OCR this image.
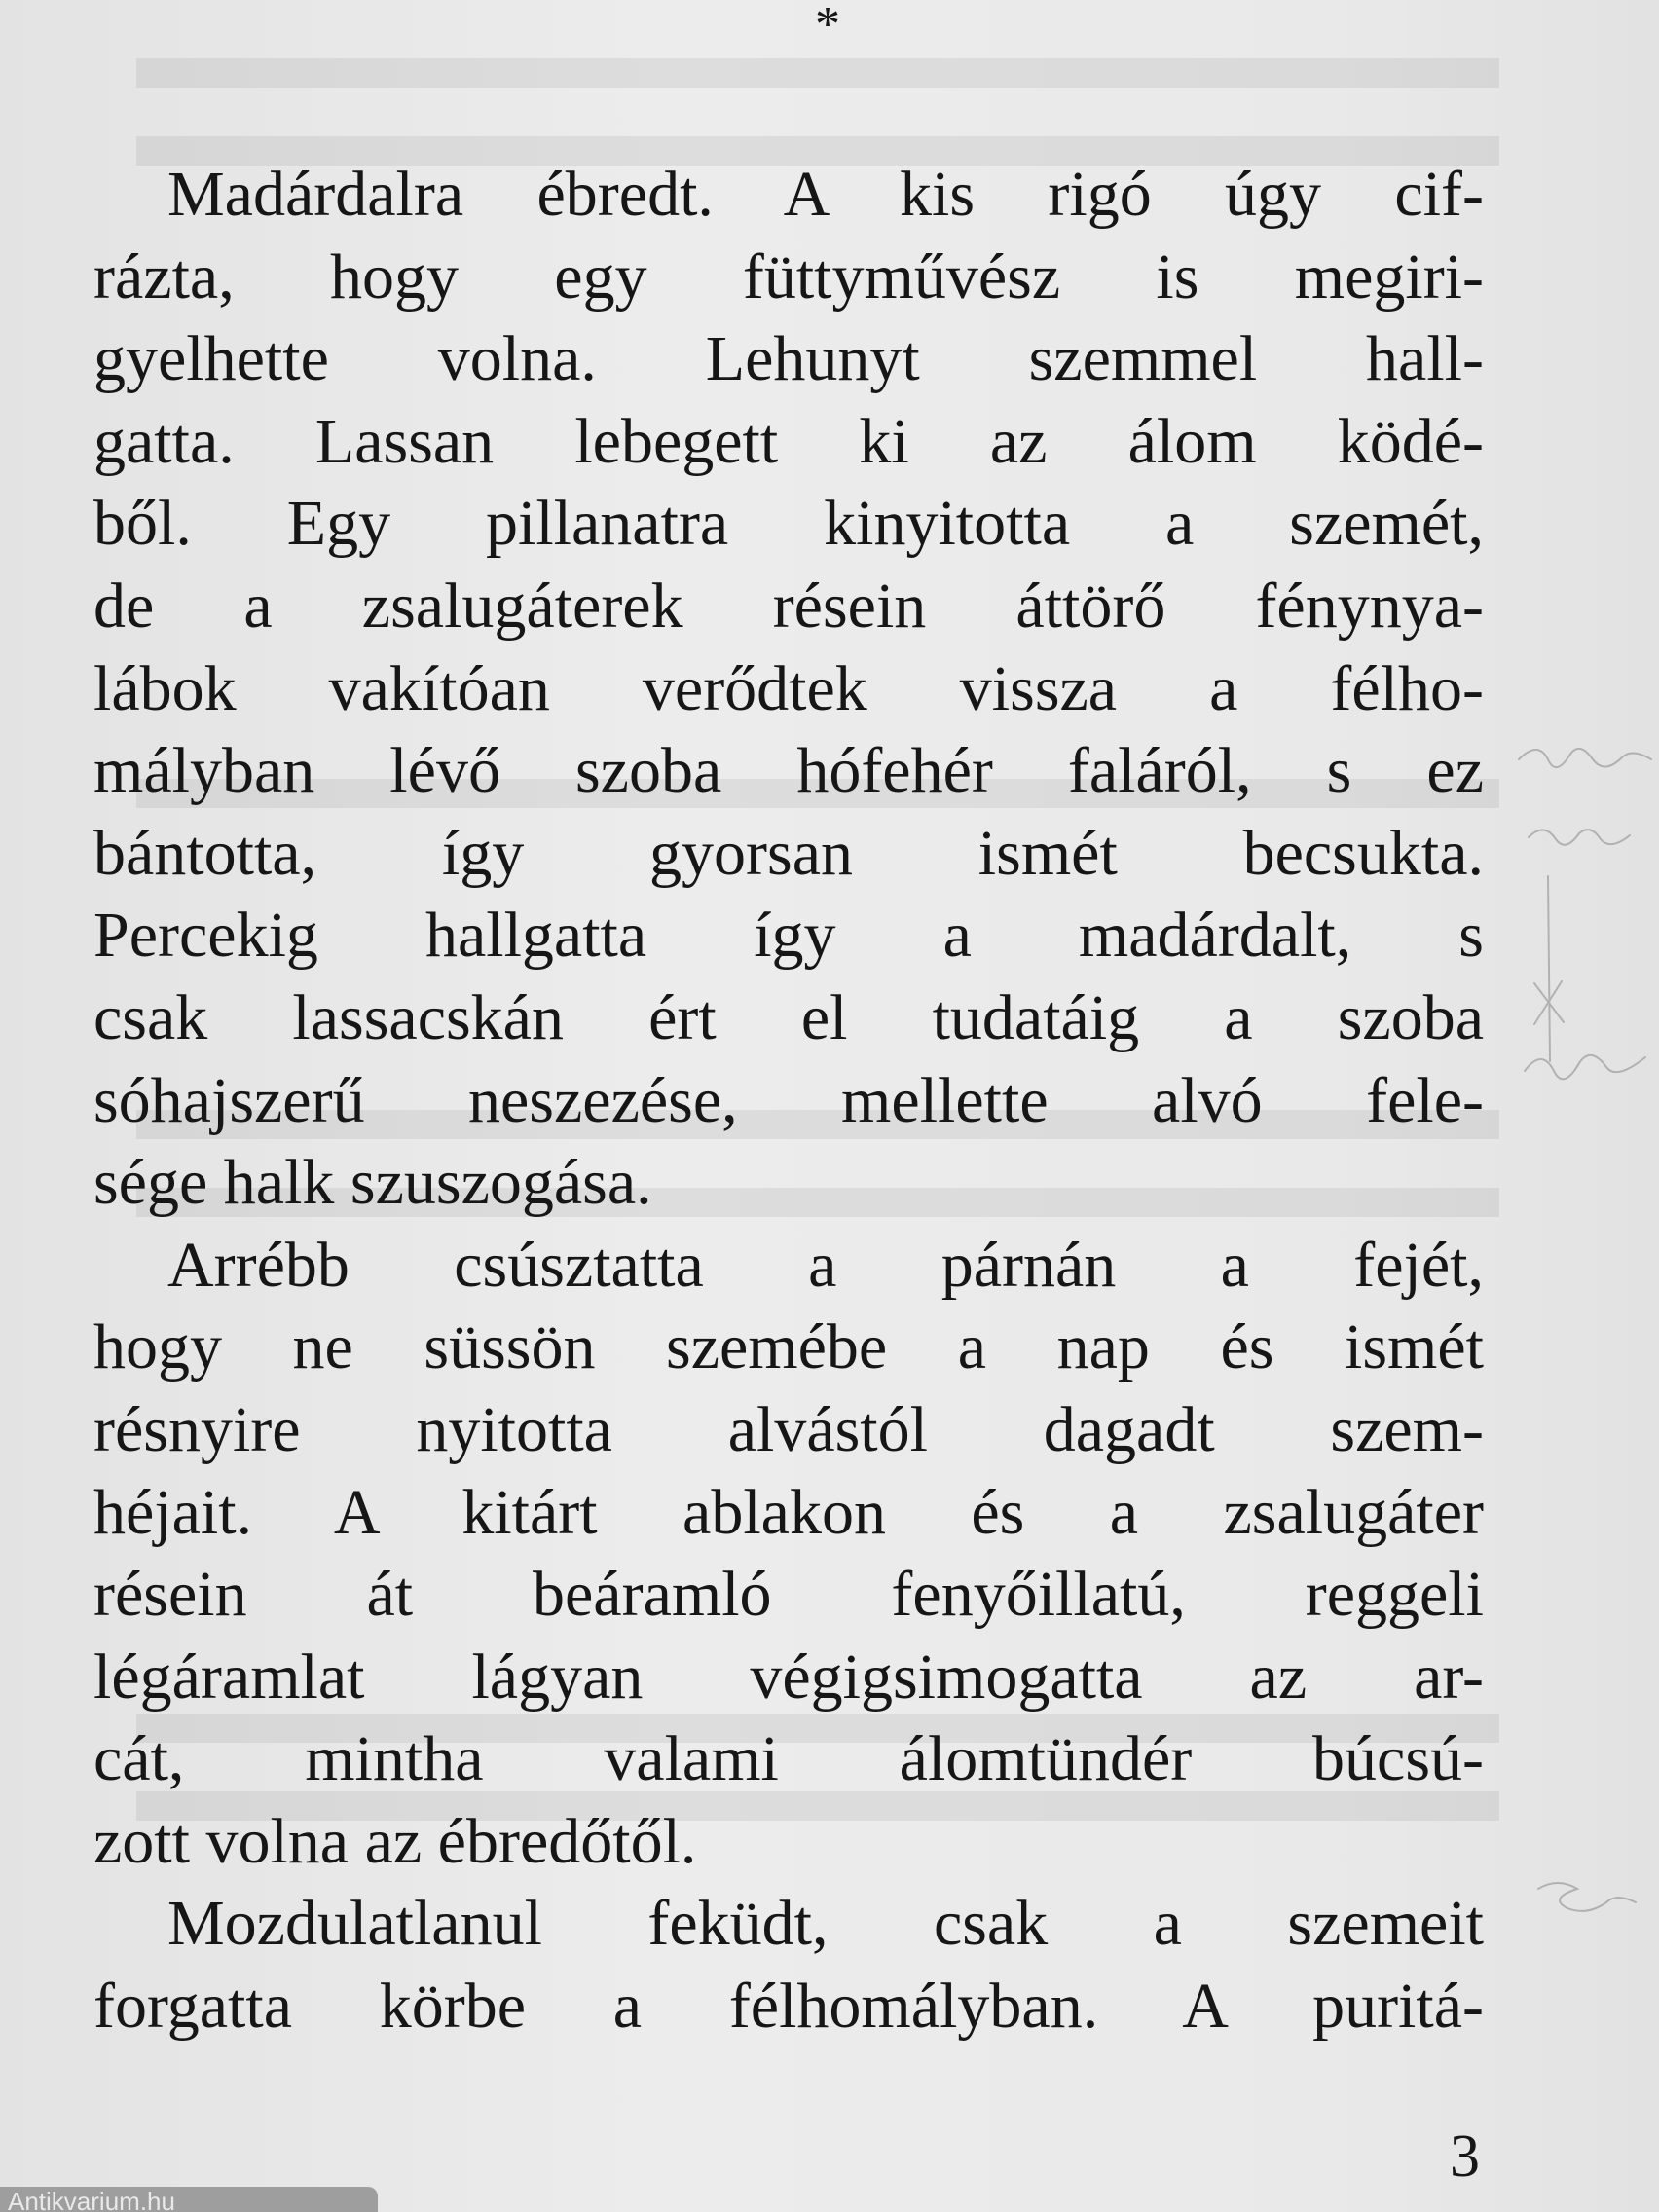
*
Madárdalra ébredt. A kis rigó úgy cif-
rázta, hogy egy füttyművész is megiri-
gyelhette volna. Lehunyt szemmel hall-
gatta. Lassan lebegett ki az álom ködé-
ből. Egy pillanatra kinyitotta a szemét,
de a zsalugáterek résein áttörő fénynya-
lábok vakítóan verődtek vissza a félho-
mályban lévő szoba hófehér faláról, s ez
bántotta, így gyorsan ismét becsukta.
Percekig hallgatta így a madárdalt, s
csak lassacskán ért el tudatáig a szoba
sóhajszerű neszezése, mellette alvó fele-
sége halk szuszogása.
Arrébb csúsztatta a párnán a fejét,
hogy ne süssön szemébe a nap és ismét
résnyire nyitotta alvástól dagadt szem-
héjait. A kitárt ablakon és a zsalugáter
résein át beáramló fenyőillatú, reggeli
légáramlat lágyan végigsimogatta az ar-
cát, mintha valami álomtündér búcsú-
zott volna az ébredőtől.
Mozdulatlanul feküdt, csak a szemeit
forgatta körbe a félhomályban. A puritá-
3
Antikvarium.hu
